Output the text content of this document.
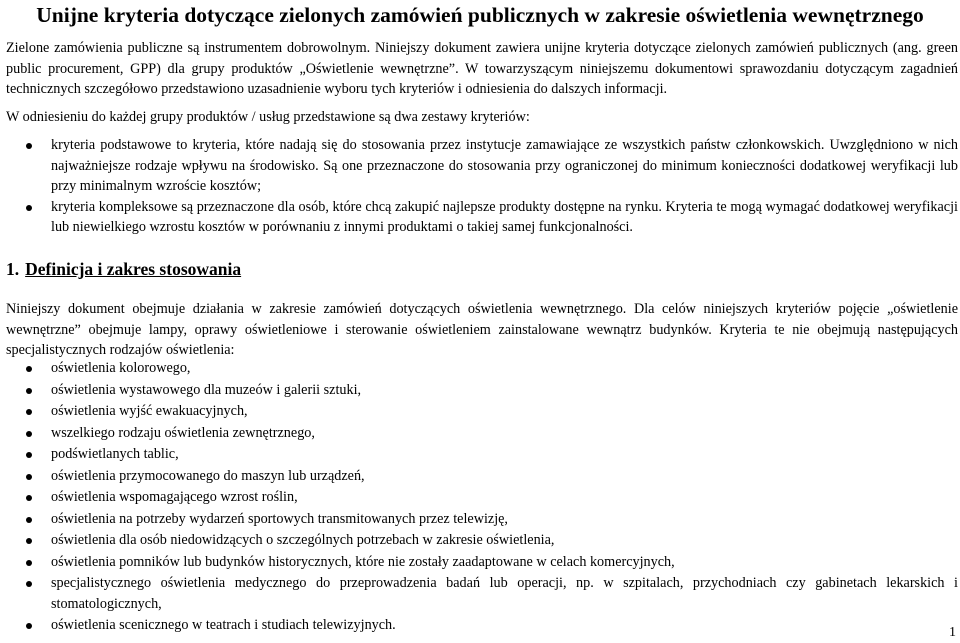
Unijne kryteria dotyczące zielonych zamówień publicznych w zakresie oświetlenia wewnętrznego

Zielone zamówienia publiczne są instrumentem dobrowolnym. Niniejszy dokument zawiera unijne kryteria dotyczące zielonych zamówień publicznych (ang. green public procurement, GPP) dla grupy produktów „Oświetlenie wewnętrzne”. W towarzyszącym niniejszemu dokumentowi sprawozdaniu dotyczącym zagadnień technicznych szczegółowo przedstawiono uzasadnienie wyboru tych kryteriów i odniesienia do dalszych informacji.

W odniesieniu do każdej grupy produktów / usług przedstawione są dwa zestawy kryteriów:

kryteria podstawowe to kryteria, które nadają się do stosowania przez instytucje zamawiające ze wszystkich państw członkowskich. Uwzględniono w nich najważniejsze rodzaje wpływu na środowisko. Są one przeznaczone do stosowania przy ograniczonej do minimum konieczności dodatkowej weryfikacji lub przy minimalnym wzroście kosztów;
kryteria kompleksowe są przeznaczone dla osób, które chcą zakupić najlepsze produkty dostępne na rynku. Kryteria te mogą wymagać dodatkowej weryfikacji lub niewielkiego wzrostu kosztów w porównaniu z innymi produktami o takiej samej funkcjonalności.
1. Definicja i zakres stosowania

Niniejszy dokument obejmuje działania w zakresie zamówień dotyczących oświetlenia wewnętrznego. Dla celów niniejszych kryteriów pojęcie „oświetlenie wewnętrzne” obejmuje lampy, oprawy oświetleniowe i sterowanie oświetleniem zainstalowane wewnątrz budynków. Kryteria te nie obejmują następujących specjalistycznych rodzajów oświetlenia:

oświetlenia kolorowego,
oświetlenia wystawowego dla muzeów i galerii sztuki,
oświetlenia wyjść ewakuacyjnych,
wszelkiego rodzaju oświetlenia zewnętrznego,
podświetlanych tablic,
oświetlenia przymocowanego do maszyn lub urządzeń,
oświetlenia wspomagającego wzrost roślin,
oświetlenia na potrzeby wydarzeń sportowych transmitowanych przez telewizję,
oświetlenia dla osób niedowidzących o szczególnych potrzebach w zakresie oświetlenia,
oświetlenia pomników lub budynków historycznych, które nie zostały zaadaptowane w celach komercyjnych,
specjalistycznego oświetlenia medycznego do przeprowadzenia badań lub operacji, np. w szpitalach, przychodniach czy gabinetach lekarskich i stomatologicznych,
oświetlenia scenicznego w teatrach i studiach telewizyjnych.	1
